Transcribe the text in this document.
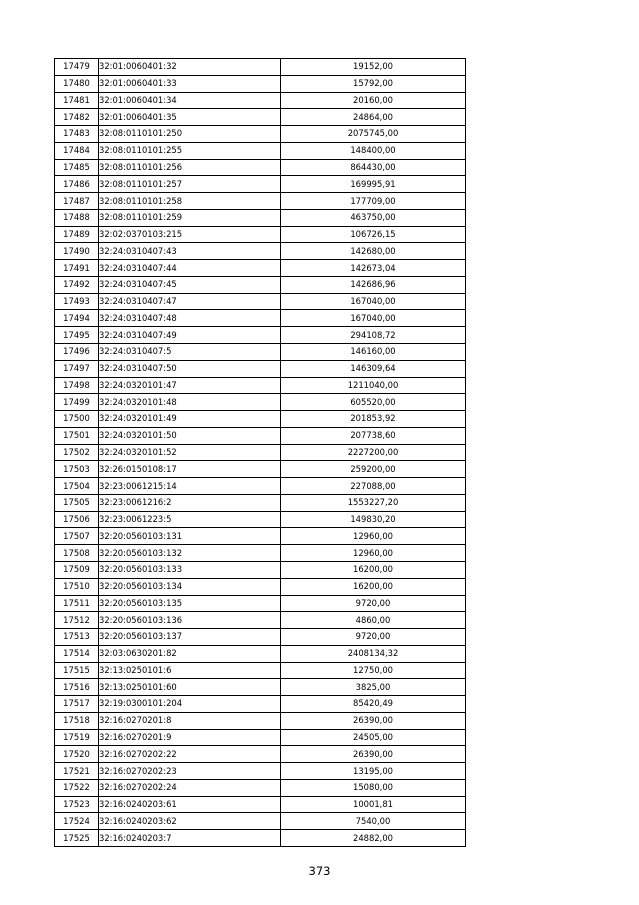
17479	32:01:0060401:32	19152,00
17480	32:01:0060401:33	15792,00
17481	32:01:0060401:34	20160,00
17482	32:01:0060401:35	24864,00
17483	32:08:0110101:250	2075745,00
17484	32:08:0110101:255	148400,00
17485	32:08:0110101:256	864430,00
17486	32:08:0110101:257	169995,91
17487	32:08:0110101:258	177709,00
17488	32:08:0110101:259	463750,00
17489	32:02:0370103:215	106726,15
17490	32:24:0310407:43	142680,00
17491	32:24:0310407:44	142673,04
17492	32:24:0310407:45	142686,96
17493	32:24:0310407:47	167040,00
17494	32:24:0310407:48	167040,00
17495	32:24:0310407:49	294108,72
17496	32:24:0310407:5	146160,00
17497	32:24:0310407:50	146309,64
17498	32:24:0320101:47	1211040,00
17499	32:24:0320101:48	605520,00
17500	32:24:0320101:49	201853,92
17501	32:24:0320101:50	207738,60
17502	32:24:0320101:52	2227200,00
17503	32:26:0150108:17	259200,00
17504	32:23:0061215:14	227088,00
17505	32:23:0061216:2	1553227,20
17506	32:23:0061223:5	149830,20
17507	32:20:0560103:131	12960,00
17508	32:20:0560103:132	12960,00
17509	32:20:0560103:133	16200,00
17510	32:20:0560103:134	16200,00
17511	32:20:0560103:135	9720,00
17512	32:20:0560103:136	4860,00
17513	32:20:0560103:137	9720,00
17514	32:03:0630201:82	2408134,32
17515	32:13:0250101:6	12750,00
17516	32:13:0250101:60	3825,00
17517	32:19:0300101:204	85420,49
17518	32:16:0270201:8	26390,00
17519	32:16:0270201:9	24505,00
17520	32:16:0270202:22	26390,00
17521	32:16:0270202:23	13195,00
17522	32:16:0270202:24	15080,00
17523	32:16:0240203:61	10001,81
17524	32:16:0240203:62	7540,00
17525	32:16:0240203:7	24882,00
373
